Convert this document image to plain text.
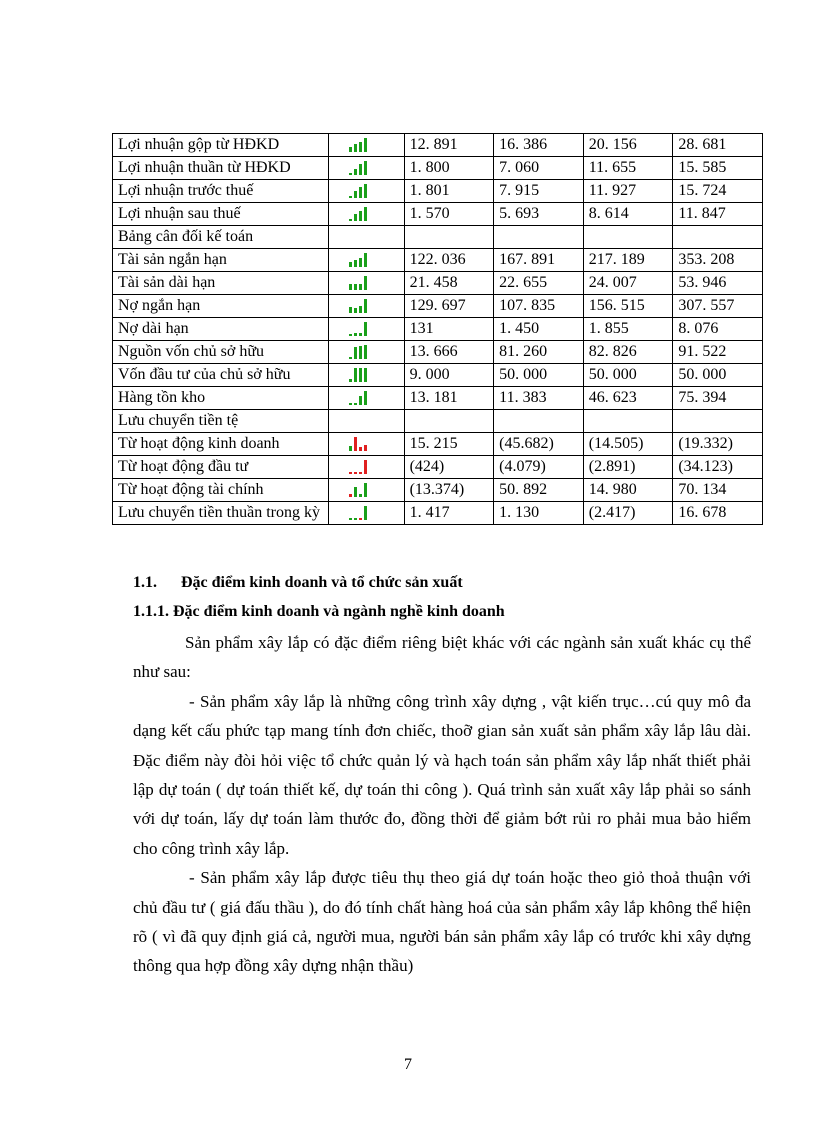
Lợi nhuận gộp từ HĐKD		12. 891	16. 386	20. 156	28. 681
Lợi nhuận thuần từ HĐKD		1. 800	7. 060	11. 655	15. 585
Lợi nhuận trước thuế		1. 801	7. 915	11. 927	15. 724
Lợi nhuận sau thuế		1. 570	5. 693	8. 614	11. 847
Bảng cân đối kế toán					
Tài sản ngắn hạn		122. 036	167. 891	217. 189	353. 208
Tài sản dài hạn		21. 458	22. 655	24. 007	53. 946
Nợ ngắn hạn		129. 697	107. 835	156. 515	307. 557
Nợ dài hạn		131	1. 450	1. 855	8. 076
Nguồn vốn chủ sở hữu		13. 666	81. 260	82. 826	91. 522
Vốn đầu tư của chủ sở hữu		9. 000	50. 000	50. 000	50. 000
Hàng tồn kho		13. 181	11. 383	46. 623	75. 394
Lưu chuyển tiền tệ					
Từ hoạt động kinh doanh		15. 215	(45.682)	(14.505)	(19.332)
Từ hoạt động đầu tư		(424)	(4.079)	(2.891)	(34.123)
Từ hoạt động tài chính		(13.374)	50. 892	14. 980	70. 134
Lưu chuyển tiền thuần trong kỳ		1. 417	1. 130	(2.417)	16. 678
1.1. Đặc điểm kinh doanh và tổ chức sản xuất
1.1.1. Đặc điểm kinh doanh và ngành nghề kinh doanh

Sản phẩm xây lắp có đặc điểm riêng biệt khác với các ngành sản xuất khác cụ thể như sau:

- Sản phẩm xây lắp là những công trình xây dựng , vật kiến trục…cú quy mô đa dạng kết cấu phức tạp mang tính đơn chiếc, thoỡ gian sản xuất sản phẩm xây lắp lâu dài. Đặc điểm này đòi hỏi việc tổ chức quản lý và hạch toán sản phẩm xây lắp nhất thiết phải lập dự toán ( dự toán thiết kế, dự toán thi công ). Quá trình sản xuất xây lắp phải so sánh với dự toán, lấy dự toán làm thước đo, đồng thời để giảm bớt rủi ro phải mua bảo hiểm cho công trình xây lắp.

- Sản phẩm xây lắp được tiêu thụ theo giá dự toán hoặc theo giỏ thoả thuận với chủ đầu tư ( giá đấu thầu ), do đó tính chất hàng hoá của sản phẩm xây lắp không thể hiện rõ ( vì đã quy định giá cả, người mua, người bán sản phẩm xây lắp có trước khi xây dựng thông qua hợp đồng xây dựng nhận thầu)

7
